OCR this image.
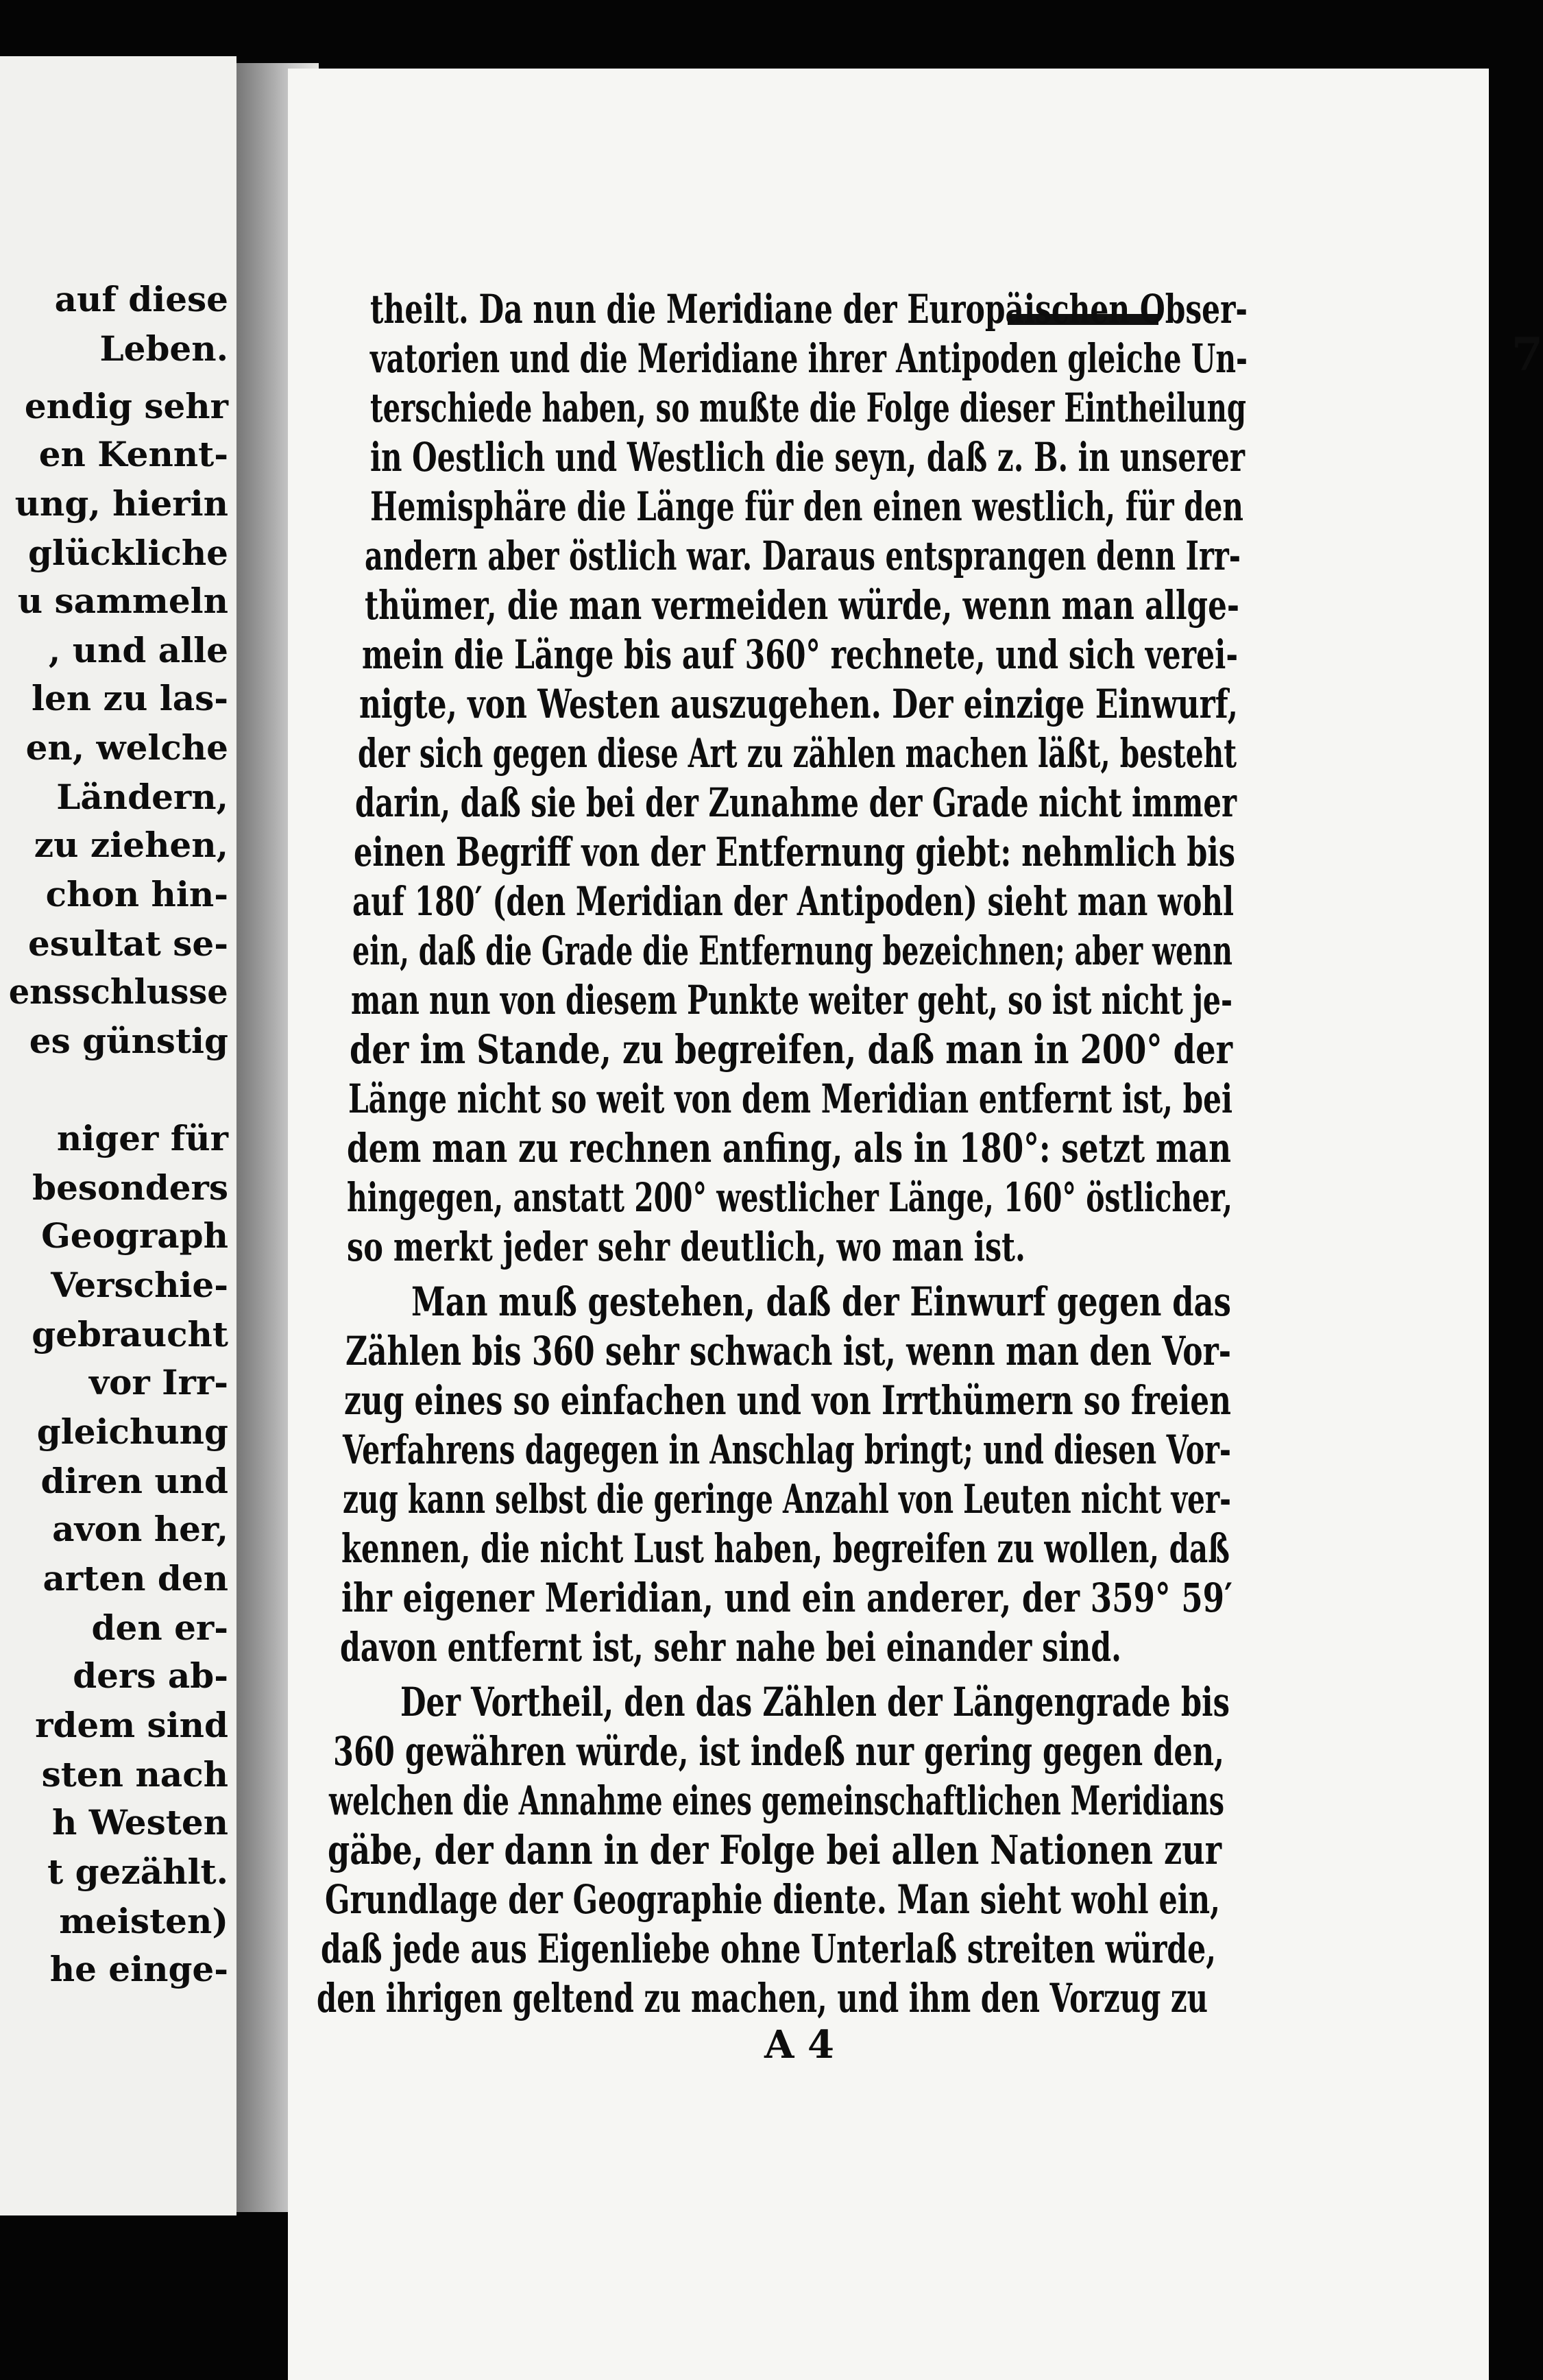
auf diese
Leben.
endig sehr
en Kennt-
ung, hierin
glückliche
u sammeln
, und alle
len zu las-
en, welche
Ländern,
zu ziehen,
chon hin-
esultat se-
ensschlusse
es günstig
niger für
besonders
Geograph
Verschie-
gebraucht
vor Irr-
gleichung
diren und
avon her,
arten den
den er-
ders ab-
rdem sind
sten nach
h Westen
t gezählt.
meisten)
he einge-
7
theilt. Da nun die Meridiane der Europäischen Obser-
vatorien und die Meridiane ihrer Antipoden gleiche Un-
terschiede haben, so mußte die Folge dieser Eintheilung
in Oestlich und Westlich die seyn, daß z. B. in unserer
Hemisphäre die Länge für den einen westlich, für den
andern aber östlich war. Daraus entsprangen denn Irr-
thümer, die man vermeiden würde, wenn man allge-
mein die Länge bis auf 360° rechnete, und sich verei-
nigte, von Westen auszugehen. Der einzige Einwurf,
der sich gegen diese Art zu zählen machen läßt, besteht
darin, daß sie bei der Zunahme der Grade nicht immer
einen Begriff von der Entfernung giebt: nehmlich bis
auf 180′ (den Meridian der Antipoden) sieht man wohl
ein, daß die Grade die Entfernung bezeichnen; aber wenn
man nun von diesem Punkte weiter geht, so ist nicht je-
der im Stande, zu begreifen, daß man in 200° der
Länge nicht so weit von dem Meridian entfernt ist, bei
dem man zu rechnen anfing, als in 180°: setzt man
hingegen, anstatt 200° westlicher Länge, 160° östlicher,
so merkt jeder sehr deutlich, wo man ist.
Man muß gestehen, daß der Einwurf gegen das
Zählen bis 360 sehr schwach ist, wenn man den Vor-
zug eines so einfachen und von Irrthümern so freien
Verfahrens dagegen in Anschlag bringt; und diesen Vor-
zug kann selbst die geringe Anzahl von Leuten nicht ver-
kennen, die nicht Lust haben, begreifen zu wollen, daß
ihr eigener Meridian, und ein anderer, der 359° 59′
davon entfernt ist, sehr nahe bei einander sind.
Der Vortheil, den das Zählen der Längengrade bis
360 gewähren würde, ist indeß nur gering gegen den,
welchen die Annahme eines gemeinschaftlichen Meridians
gäbe, der dann in der Folge bei allen Nationen zur
Grundlage der Geographie diente. Man sieht wohl ein,
daß jede aus Eigenliebe ohne Unterlaß streiten würde,
den ihrigen geltend zu machen, und ihm den Vorzug zu
A 4
